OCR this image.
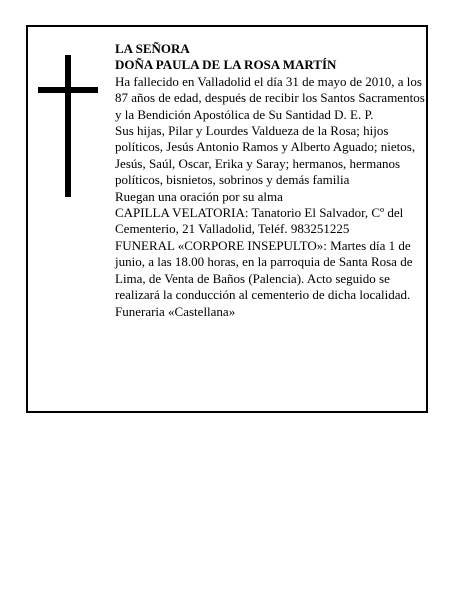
LA SEÑORA

DOÑA PAULA DE LA ROSA MARTÍN

Ha fallecido en Valladolid el día 31 de mayo de 2010, a los 87 años de edad, después de recibir los Santos Sacramentos y la Bendición Apostólica de Su Santidad D. E. P.

Sus hijas, Pilar y Lourdes Valdueza de la Rosa; hijos políticos, Jesús Antonio Ramos y Alberto Aguado; nietos, Jesús, Saúl, Oscar, Erika y Saray; hermanos, hermanos políticos, bisnietos, sobrinos y demás familia

Ruegan una oración por su alma

CAPILLA VELATORIA: Tanatorio El Salvador, Cº del Cementerio, 21 Valladolid, Teléf. 983251225

FUNERAL «CORPORE INSEPULTO»: Martes día 1 de junio, a las 18.00 horas, en la parroquia de Santa Rosa de Lima, de Venta de Baños (Palencia). Acto seguido se realizará la conducción al cementerio de dicha localidad.

Funeraria «Castellana»
